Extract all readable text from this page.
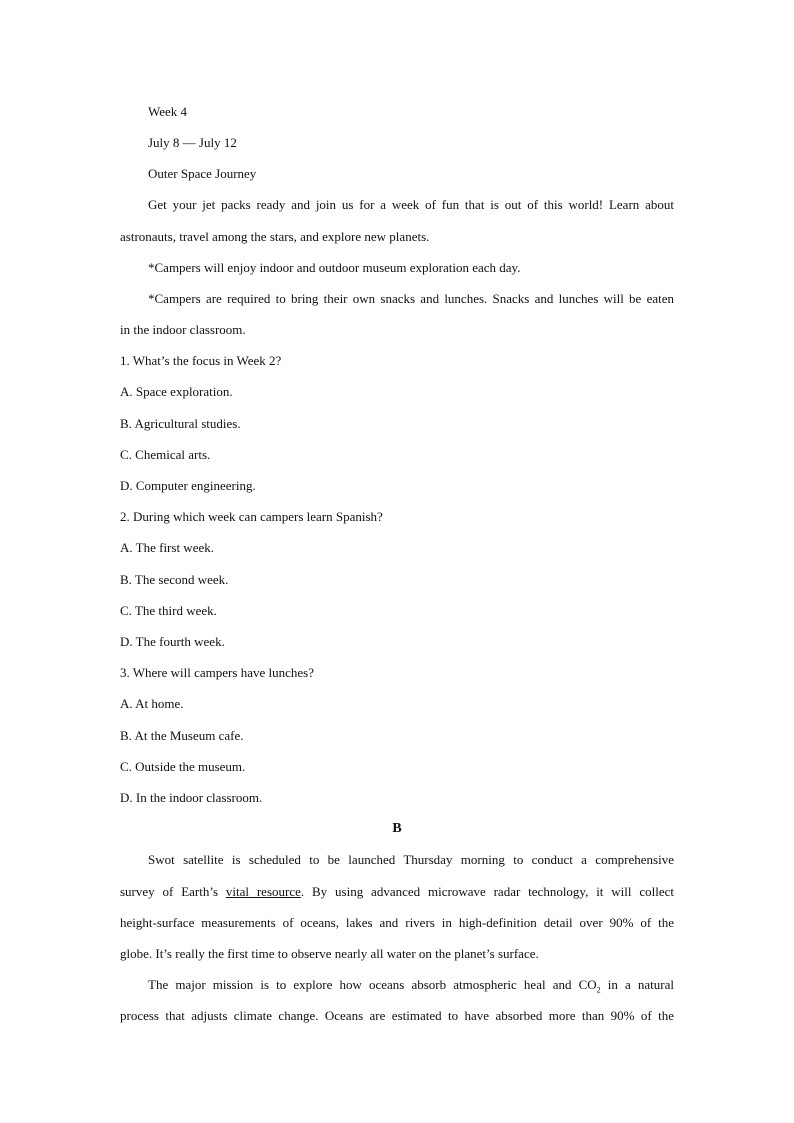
Week 4
July 8 — July 12
Outer Space Journey
Get your jet packs ready and join us for a week of fun that is out of this world! Learn about
astronauts, travel among the stars, and explore new planets.
*Campers will enjoy indoor and outdoor museum exploration each day.
*Campers are required to bring their own snacks and lunches. Snacks and lunches will be eaten
in the indoor classroom.
1. What’s the focus in Week 2?
A. Space exploration.
B. Agricultural studies.
C. Chemical arts.
D. Computer engineering.
2. During which week can campers learn Spanish?
A. The first week.
B. The second week.
C. The third week.
D. The fourth week.
3. Where will campers have lunches?
A. At home.
B. At the Museum cafe.
C. Outside the museum.
D. In the indoor classroom.
B
Swot satellite is scheduled to be launched Thursday morning to conduct a comprehensive
survey of Earth’s vital resource. By using advanced microwave radar technology, it will collect
height-surface measurements of oceans, lakes and rivers in high-definition detail over 90% of the
globe. It’s really the first time to observe nearly all water on the planet’s surface.
The major mission is to explore how oceans absorb atmospheric heal and $CO_2$ in a natural
process that adjusts climate change. Oceans are estimated to have absorbed more than 90% of the
